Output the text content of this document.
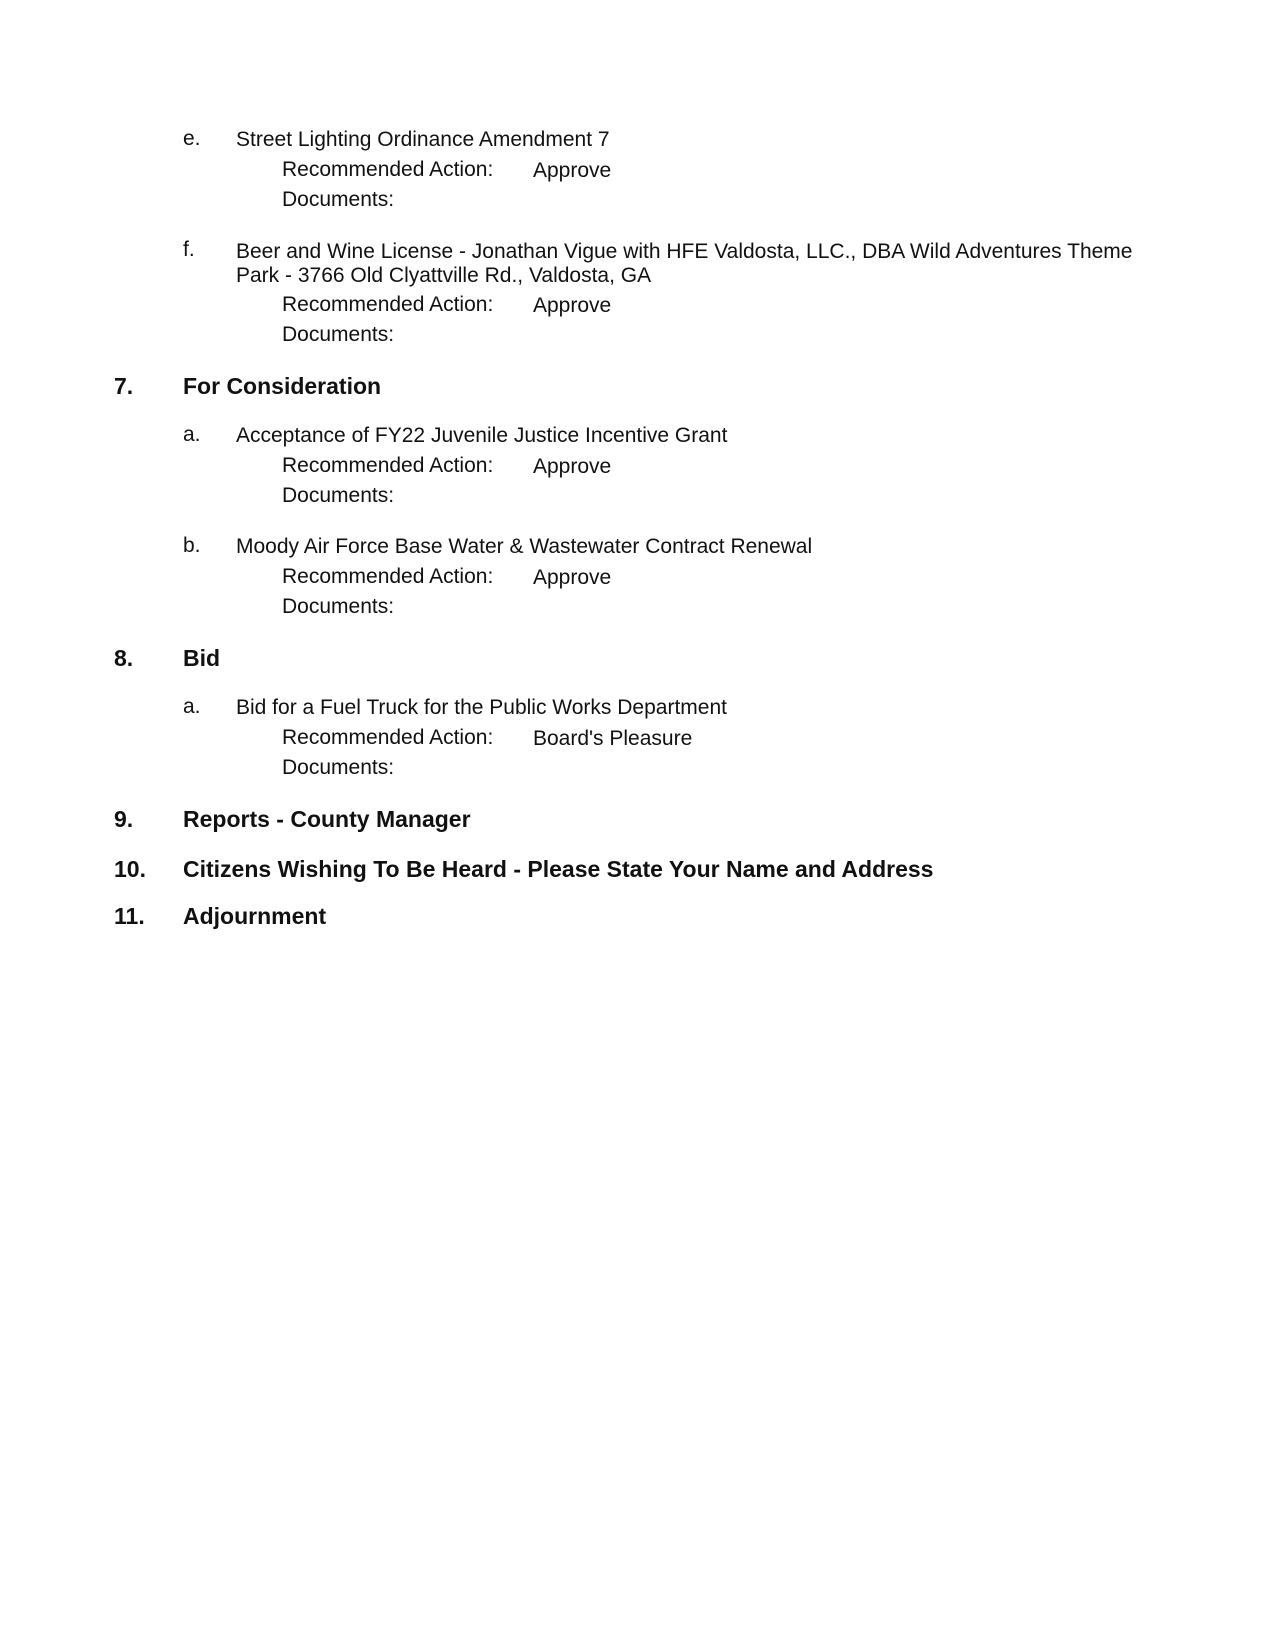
e. Street Lighting Ordinance Amendment 7
Recommended Action: Approve
Documents:
f. Beer and Wine License - Jonathan Vigue with HFE Valdosta, LLC., DBA Wild Adventures Theme
Park - 3766 Old Clyattville Rd., Valdosta, GA
Recommended Action: Approve
Documents:
7. For Consideration
a. Acceptance of FY22 Juvenile Justice Incentive Grant
Recommended Action: Approve
Documents:
b. Moody Air Force Base Water & Wastewater Contract Renewal
Recommended Action: Approve
Documents:
8. Bid
a. Bid for a Fuel Truck for the Public Works Department
Recommended Action: Board's Pleasure
Documents:
9. Reports - County Manager
10. Citizens Wishing To Be Heard - Please State Your Name and Address
11. Adjournment
